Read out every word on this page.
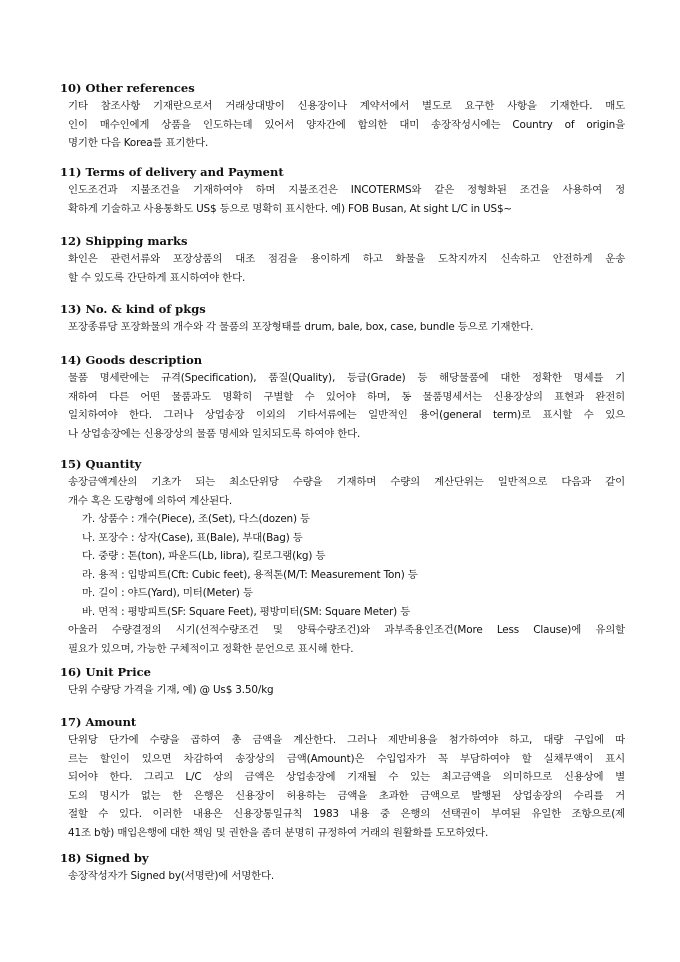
10) Other references

기타 참조사항 기재란으로서 거래상대방이 신용장이나 계약서에서 별도로 요구한 사항을 기재한다. 매도
인이 매수인에게 상품을 인도하는데 있어서 양자간에 합의한 대미 송장작성시에는 Country of origin을
명기한 다음 Korea를 표기한다.

11) Terms of delivery and Payment

인도조건과 지불조건을 기재하여야 하며 지불조건은 INCOTERMS와 같은 정형화된 조건을 사용하여 정
확하게 기술하고 사용통화도 US$ 등으로 명확히 표시한다. 예) FOB Busan, At sight L/C in US$~

12) Shipping marks

화인은 관련서류와 포장상품의 대조 점검을 용이하게 하고 화물을 도착지까지 신속하고 안전하게 운송
할 수 있도록 간단하게 표시하여야 한다.

13) No. & kind of pkgs

포장종류당 포장화물의 개수와 각 물품의 포장형태를 drum, bale, box, case, bundle 등으로 기재한다.

14) Goods description

물품 명세란에는 규격(Specification), 품질(Quality), 등급(Grade) 등 해당물품에 대한 정확한 명세를 기
재하여 다른 어떤 물품과도 명확히 구별할 수 있어야 하며, 동 물품명세서는 신용장상의 표현과 완전히
일치하여야 한다. 그러나 상업송장 이외의 기타서류에는 일반적인 용어(general term)로 표시할 수 있으
나 상업송장에는 신용장상의 물품 명세와 일치되도록 하여야 한다.

15) Quantity

송장금액계산의 기초가 되는 최소단위당 수량을 기재하며 수량의 계산단위는 일반적으로 다음과 같이
개수 혹은 도량형에 의하여 계산된다.
가. 상품수 : 개수(Piece), 조(Set), 다스(dozen) 등
나. 포장수 : 상자(Case), 표(Bale), 부대(Bag) 등
다. 중량 : 톤(ton), 파운드(Lb, libra), 킬로그램(kg) 등
라. 용적 : 입방피트(Cft: Cubic feet), 용적톤(M/T: Measurement Ton) 등
마. 길이 : 야드(Yard), 미터(Meter) 등
바. 면적 : 평방피트(SF: Square Feet), 평방미터(SM: Square Meter) 등
아울러 수량결정의 시기(선적수량조건 및 양륙수량조건)와 과부족용인조건(More Less Clause)에 유의할
필요가 있으며, 가능한 구체적이고 정확한 문언으로 표시해 한다.

16) Unit Price

단위 수량당 가격을 기재, 예) @ Us$ 3.50/kg

17) Amount

단위당 단가에 수량을 곱하여 총 금액을 계산한다. 그러나 제반비용을 첨가하여야 하고, 대량 구입에 따
르는 할인이 있으면 차감하여 송장상의 금액(Amount)은 수입업자가 꼭 부담하여야 할 실채무액이 표시
되어야 한다. 그리고 L/C 상의 금액은 상업송장에 기재될 수 있는 최고금액을 의미하므로 신용상에 별
도의 명시가 없는 한 은행은 신용장이 허용하는 금액을 초과한 금액으로 발행된 상업송장의 수리를 거
절할 수 있다. 이러한 내용은 신용장통일규칙 1983 내용 중 은행의 선택권이 부여된 유일한 조항으로(제
41조 b항) 매입은행에 대한 책임 및 권한을 좀더 분명히 규정하여 거래의 원활화를 도모하였다.

18) Signed by

송장작성자가 Signed by(서명란)에 서명한다.
